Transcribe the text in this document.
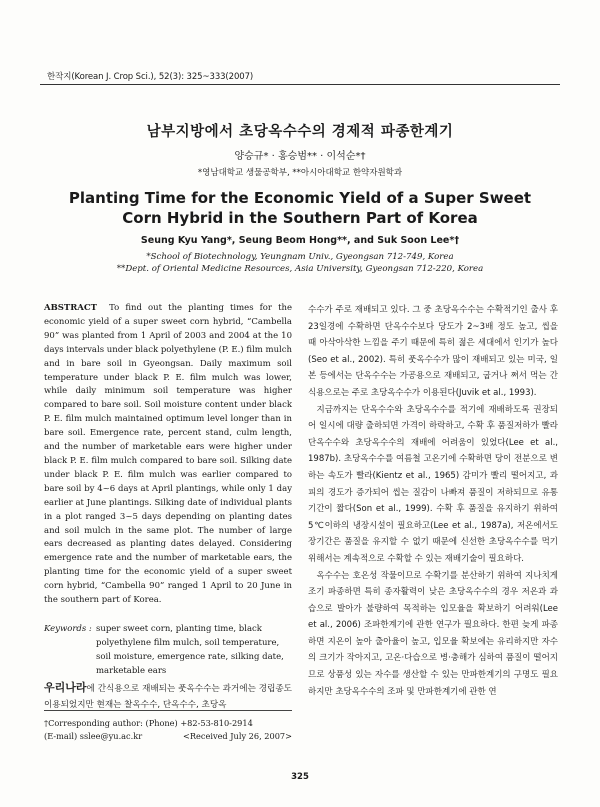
한작지(Korean J. Crop Sci.), 52(3): 325~333(2007)
남부지방에서 초당옥수수의 경제적 파종한계기
양승규* · 홍승범** · 이석순*†
*영남대학교 생물공학부, **아시아대학교 한약자원학과
Planting Time for the Economic Yield of a Super Sweet Corn Hybrid in the Southern Part of Korea
Seung Kyu Yang*, Seung Beom Hong**, and Suk Soon Lee*†
*School of Biotechnology, Yeungnam Univ., Gyeongsan 712-749, Korea
**Dept. of Oriental Medicine Resources, Asia University, Gyeongsan 712-220, Korea
ABSTRACT To find out the planting times for the economic yield of a super sweet corn hybrid, “Cambella 90” was planted from 1 April of 2003 and 2004 at the 10 days intervals under black polyethylene (P. E.) film mulch and in bare soil in Gyeongsan. Daily maximum soil temperature under black P. E. film mulch was lower, while daily minimum soil temperature was higher compared to bare soil. Soil moisture content under black P. E. film mulch maintained optimum level longer than in bare soil. Emergence rate, percent stand, culm length, and the number of marketable ears were higher under black P. E. film mulch compared to bare soil. Silking date under black P. E. film mulch was earlier compared to bare soil by 4~6 days at April plantings, while only 1 day earlier at June plantings. Silking date of individual plants in a plot ranged 3~5 days depending on planting dates and soil mulch in the same plot. The number of large ears decreased as planting dates delayed. Considering emergence rate and the number of marketable ears, the planting time for the economic yield of a super sweet corn hybrid, “Cambella 90” ranged 1 April to 20 June in the southern part of Korea.
Keywords : super sweet corn, planting time, black polyethylene film mulch, soil temperature, soil moisture, emergence rate, silking date, marketable ears
†Corresponding author: (Phone) +82-53-810-2914
(E-mail) sslee@yu.ac.kr	<Received July 26, 2007>
우리나라에 간식용으로 재배되는 풋옥수수는 과거에는 경립종도 이용되었지만 현재는 찰옥수수, 단옥수수, 초당옥

수수가 주로 재배되고 있다. 그 중 초당옥수수는 수확적기인 출사 후 23일경에 수확하면 단옥수수보다 당도가 2~3배 정도 높고, 씹을 때 아삭아삭한 느낌을 주기 때문에 특히 젊은 세대에서 인기가 높다(Seo et al., 2002). 특히 풋옥수수가 많이 재배되고 있는 미국, 일본 등에서는 단옥수수는 가공용으로 재배되고, 굽거나 쪄서 먹는 간식용으로는 주로 초당옥수수가 이용된다(Juvik et al., 1993).

지금까지는 단옥수수와 초당옥수수를 적기에 재배하도록 권장되어 일시에 대량 출하되면 가격이 하락하고, 수확 후 품질저하가 빨라 단옥수수와 초당옥수수의 재배에 어려움이 있었다(Lee et al., 1987b). 초당옥수수를 여름철 고온기에 수확하면 당이 전분으로 변하는 속도가 빨라(Kientz et al., 1965) 감미가 빨리 떨어지고, 과피의 경도가 증가되어 씹는 질감이 나빠져 품질이 저하되므로 유통기간이 짧다(Son et al., 1999). 수확 후 품질을 유지하기 위하여 5℃이하의 냉장시설이 필요하고(Lee et al., 1987a), 저온에서도 장기간은 품질을 유지할 수 없기 때문에 신선한 초당옥수수를 먹기 위해서는 계속적으로 수확할 수 있는 재배기술이 필요하다.

옥수수는 호온성 작물이므로 수확기를 분산하기 위하여 지나치게 조기 파종하면 특히 종자활력이 낮은 초당옥수수의 경우 저온과 과습으로 발아가 불량하여 목적하는 입모율을 확보하기 어려워(Lee et al., 2006) 조파한계기에 관한 연구가 필요하다. 한편 늦게 파종하면 지온이 높아 출아율이 높고, 입모율 확보에는 유리하지만 자수의 크기가 작아지고, 고온·다습으로 병·충해가 심하여 품질이 떨어지므로 상품성 있는 자수를 생산할 수 있는 만파한계기의 구명도 필요하지만 초당옥수수의 조파 및 만파한계기에 관한 연

325
